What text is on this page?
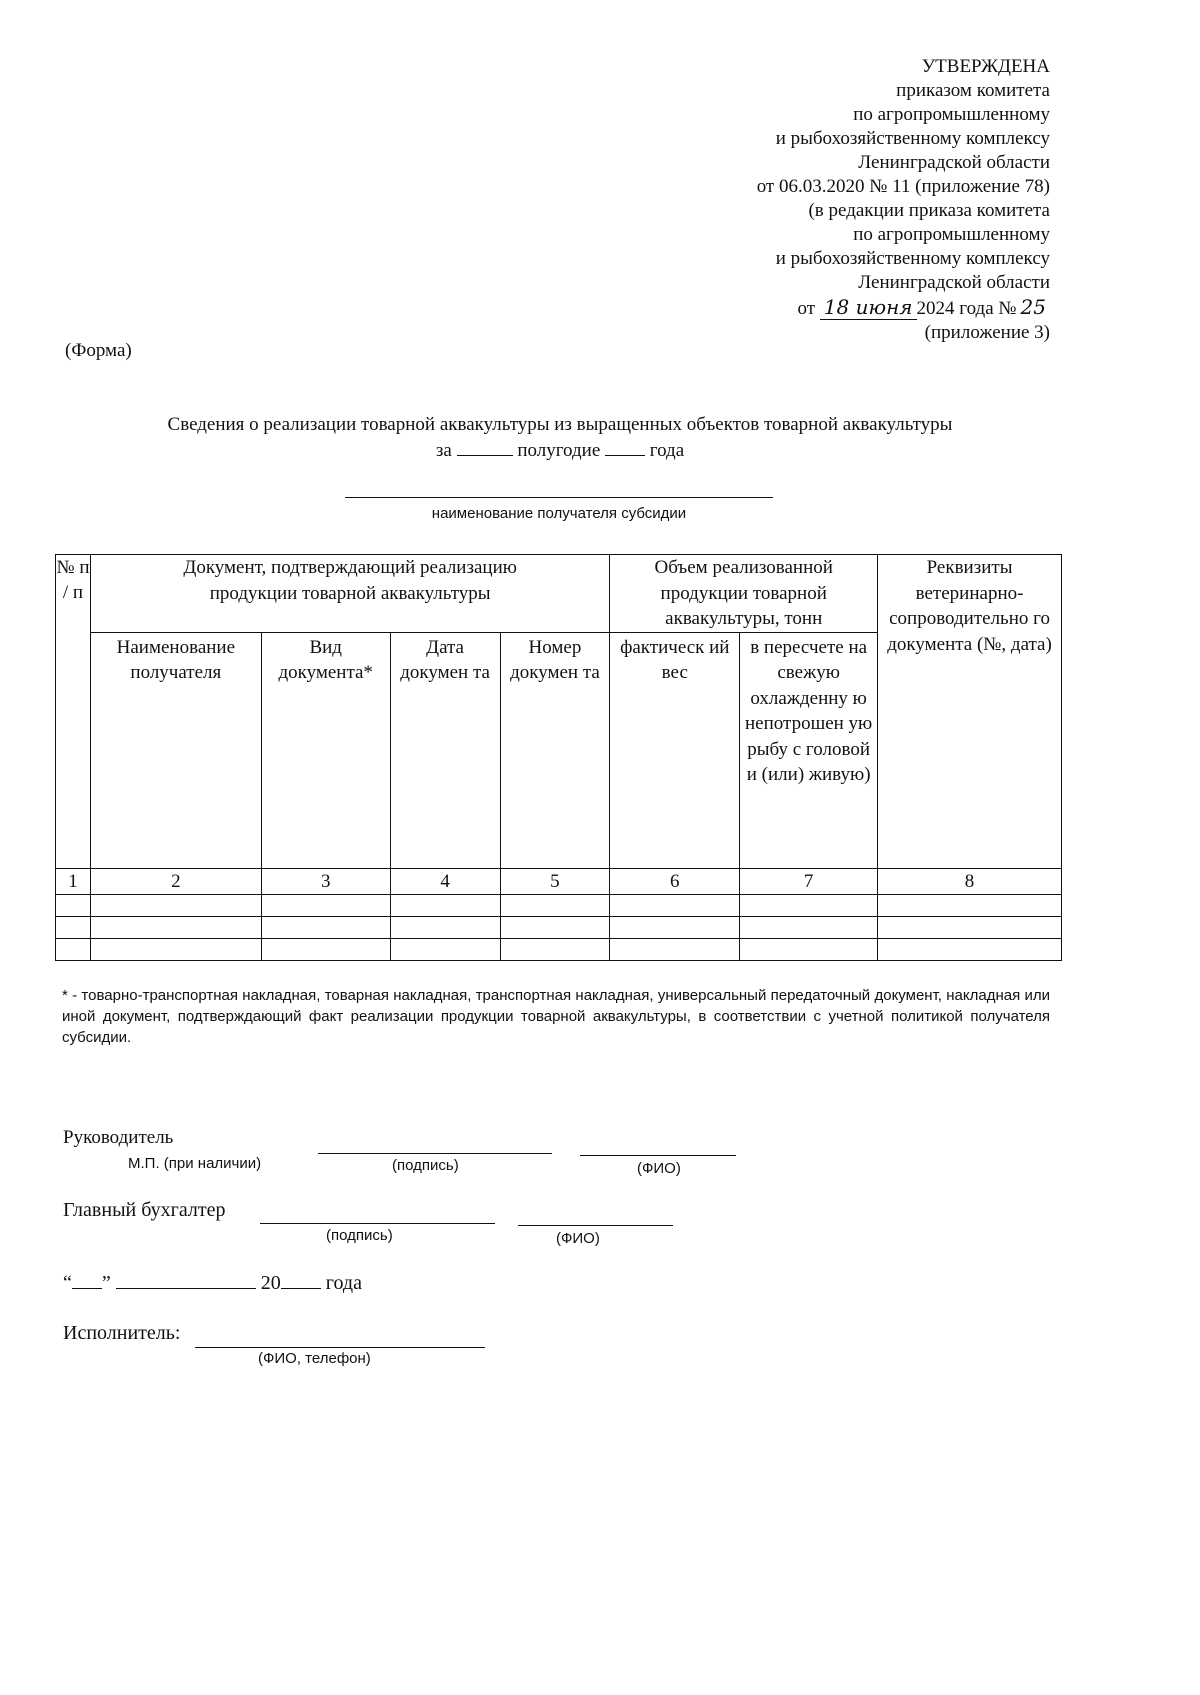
УТВЕРЖДЕНА
приказом комитета
по агропромышленному
и рыбохозяйственному комплексу
Ленинградской области
от 06.03.2020 № 11 (приложение 78)
(в редакции приказа комитета
по агропромышленному
и рыбохозяйственному комплексу
Ленинградской области
от 18 июня 2024 года № 25
(приложение 3)
(Форма)
Сведения о реализации товарной аквакультуры из выращенных объектов товарной аквакультуры
за	полугодие	года
наименование получателя субсидии
№ п / п	Документ, подтверждающий реализацию продукции товарной аквакультуры				Объем реализованной продукции товарной аквакультуры, тонн		Реквизиты ветеринарно-сопроводительно го документа (№, дата)
	Наименование получателя	Вид документа*	Дата докумен та	Номер докумен та	фактическ ий вес	в пересчете на свежую охлажденну ю непотрошен ую рыбу с головой и (или) живую)	
1	2	3	4	5	6	7	8

* - товарно-транспортная накладная, товарная накладная, транспортная накладная, универсальный передаточный документ, накладная или иной документ, подтверждающий факт реализации продукции товарной аквакультуры, в соответствии с учетной политикой получателя субсидии.
Руководитель
М.П. (при наличии)	(подпись)	(ФИО)
Главный бухгалтер
(подпись)	(ФИО)
“ ”	20 года
Исполнитель:
(ФИО, телефон)
